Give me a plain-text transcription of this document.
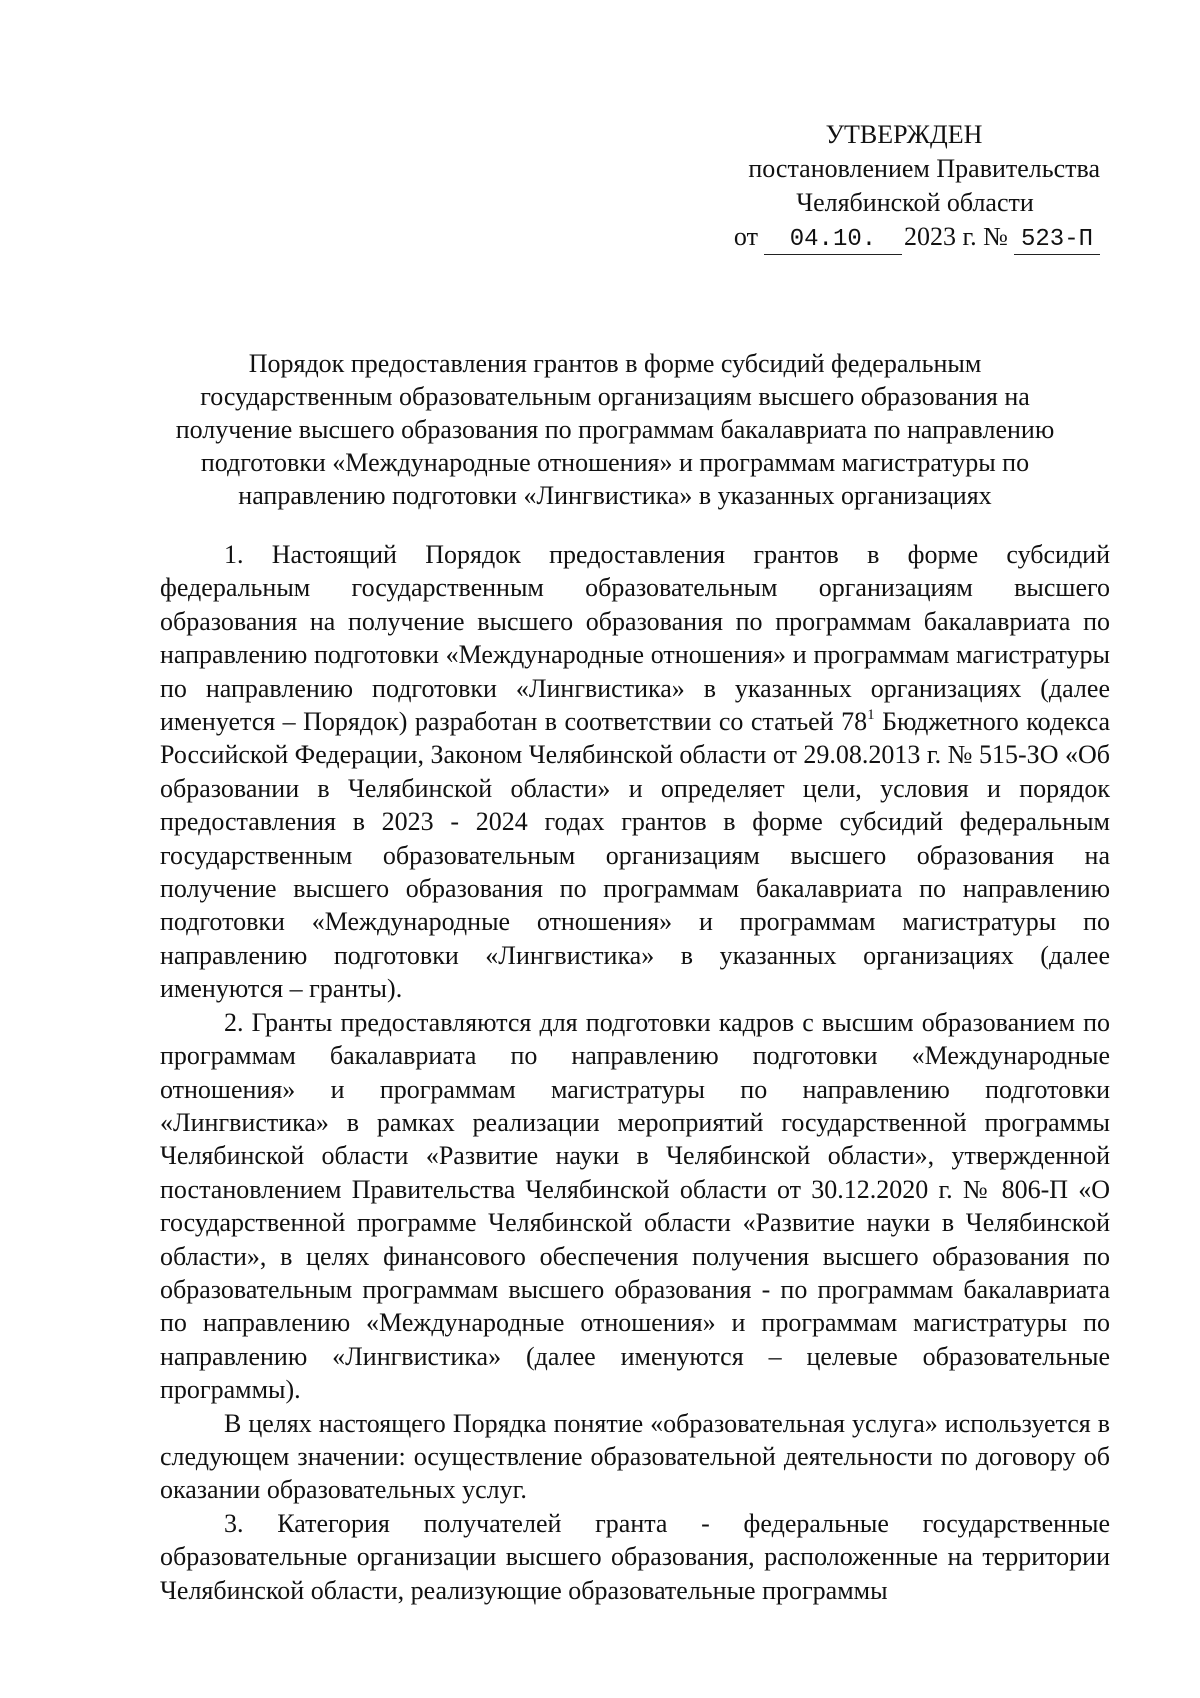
УТВЕРЖДЕН
постановлением Правительства
Челябинской области
от 04.10. 2023 г. № 523-П
Порядок предоставления грантов в форме субсидий федеральным
государственным образовательным организациям высшего образования на
получение высшего образования по программам бакалавриата по направлению
подготовки «Международные отношения» и программам магистратуры по
направлению подготовки «Лингвистика» в указанных организациях

1. Настоящий Порядок предоставления грантов в форме субсидий федеральным государственным образовательным организациям высшего образования на получение высшего образования по программам бакалавриата по направлению подготовки «Международные отношения» и программам магистратуры по направлению подготовки «Лингвистика» в указанных организациях (далее именуется – Порядок) разработан в соответствии со статьей $78^1$ Бюджетного кодекса Российской Федерации, Законом Челябинской области от 29.08.2013 г. № 515-ЗО «Об образовании в Челябинской области» и определяет цели, условия и порядок предоставления в 2023 - 2024 годах грантов в форме субсидий федеральным государственным образовательным организациям высшего образования на получение высшего образования по программам бакалавриата по направлению подготовки «Международные отношения» и программам магистратуры по направлению подготовки «Лингвистика» в указанных организациях (далее именуются – гранты).

2. Гранты предоставляются для подготовки кадров с высшим образованием по программам бакалавриата по направлению подготовки «Международные отношения» и программам магистратуры по направлению подготовки «Лингвистика» в рамках реализации мероприятий государственной программы Челябинской области «Развитие науки в Челябинской области», утвержденной постановлением Правительства Челябинской области от 30.12.2020 г. № 806-П «О государственной программе Челябинской области «Развитие науки в Челябинской области», в целях финансового обеспечения получения высшего образования по образовательным программам высшего образования - по программам бакалавриата по направлению «Международные отношения» и программам магистратуры по направлению «Лингвистика» (далее именуются – целевые образовательные программы).

В целях настоящего Порядка понятие «образовательная услуга» используется в следующем значении: осуществление образовательной деятельности по договору об оказании образовательных услуг.

3. Категория получателей гранта - федеральные государственные образовательные организации высшего образования, расположенные на территории Челябинской области, реализующие образовательные программы
